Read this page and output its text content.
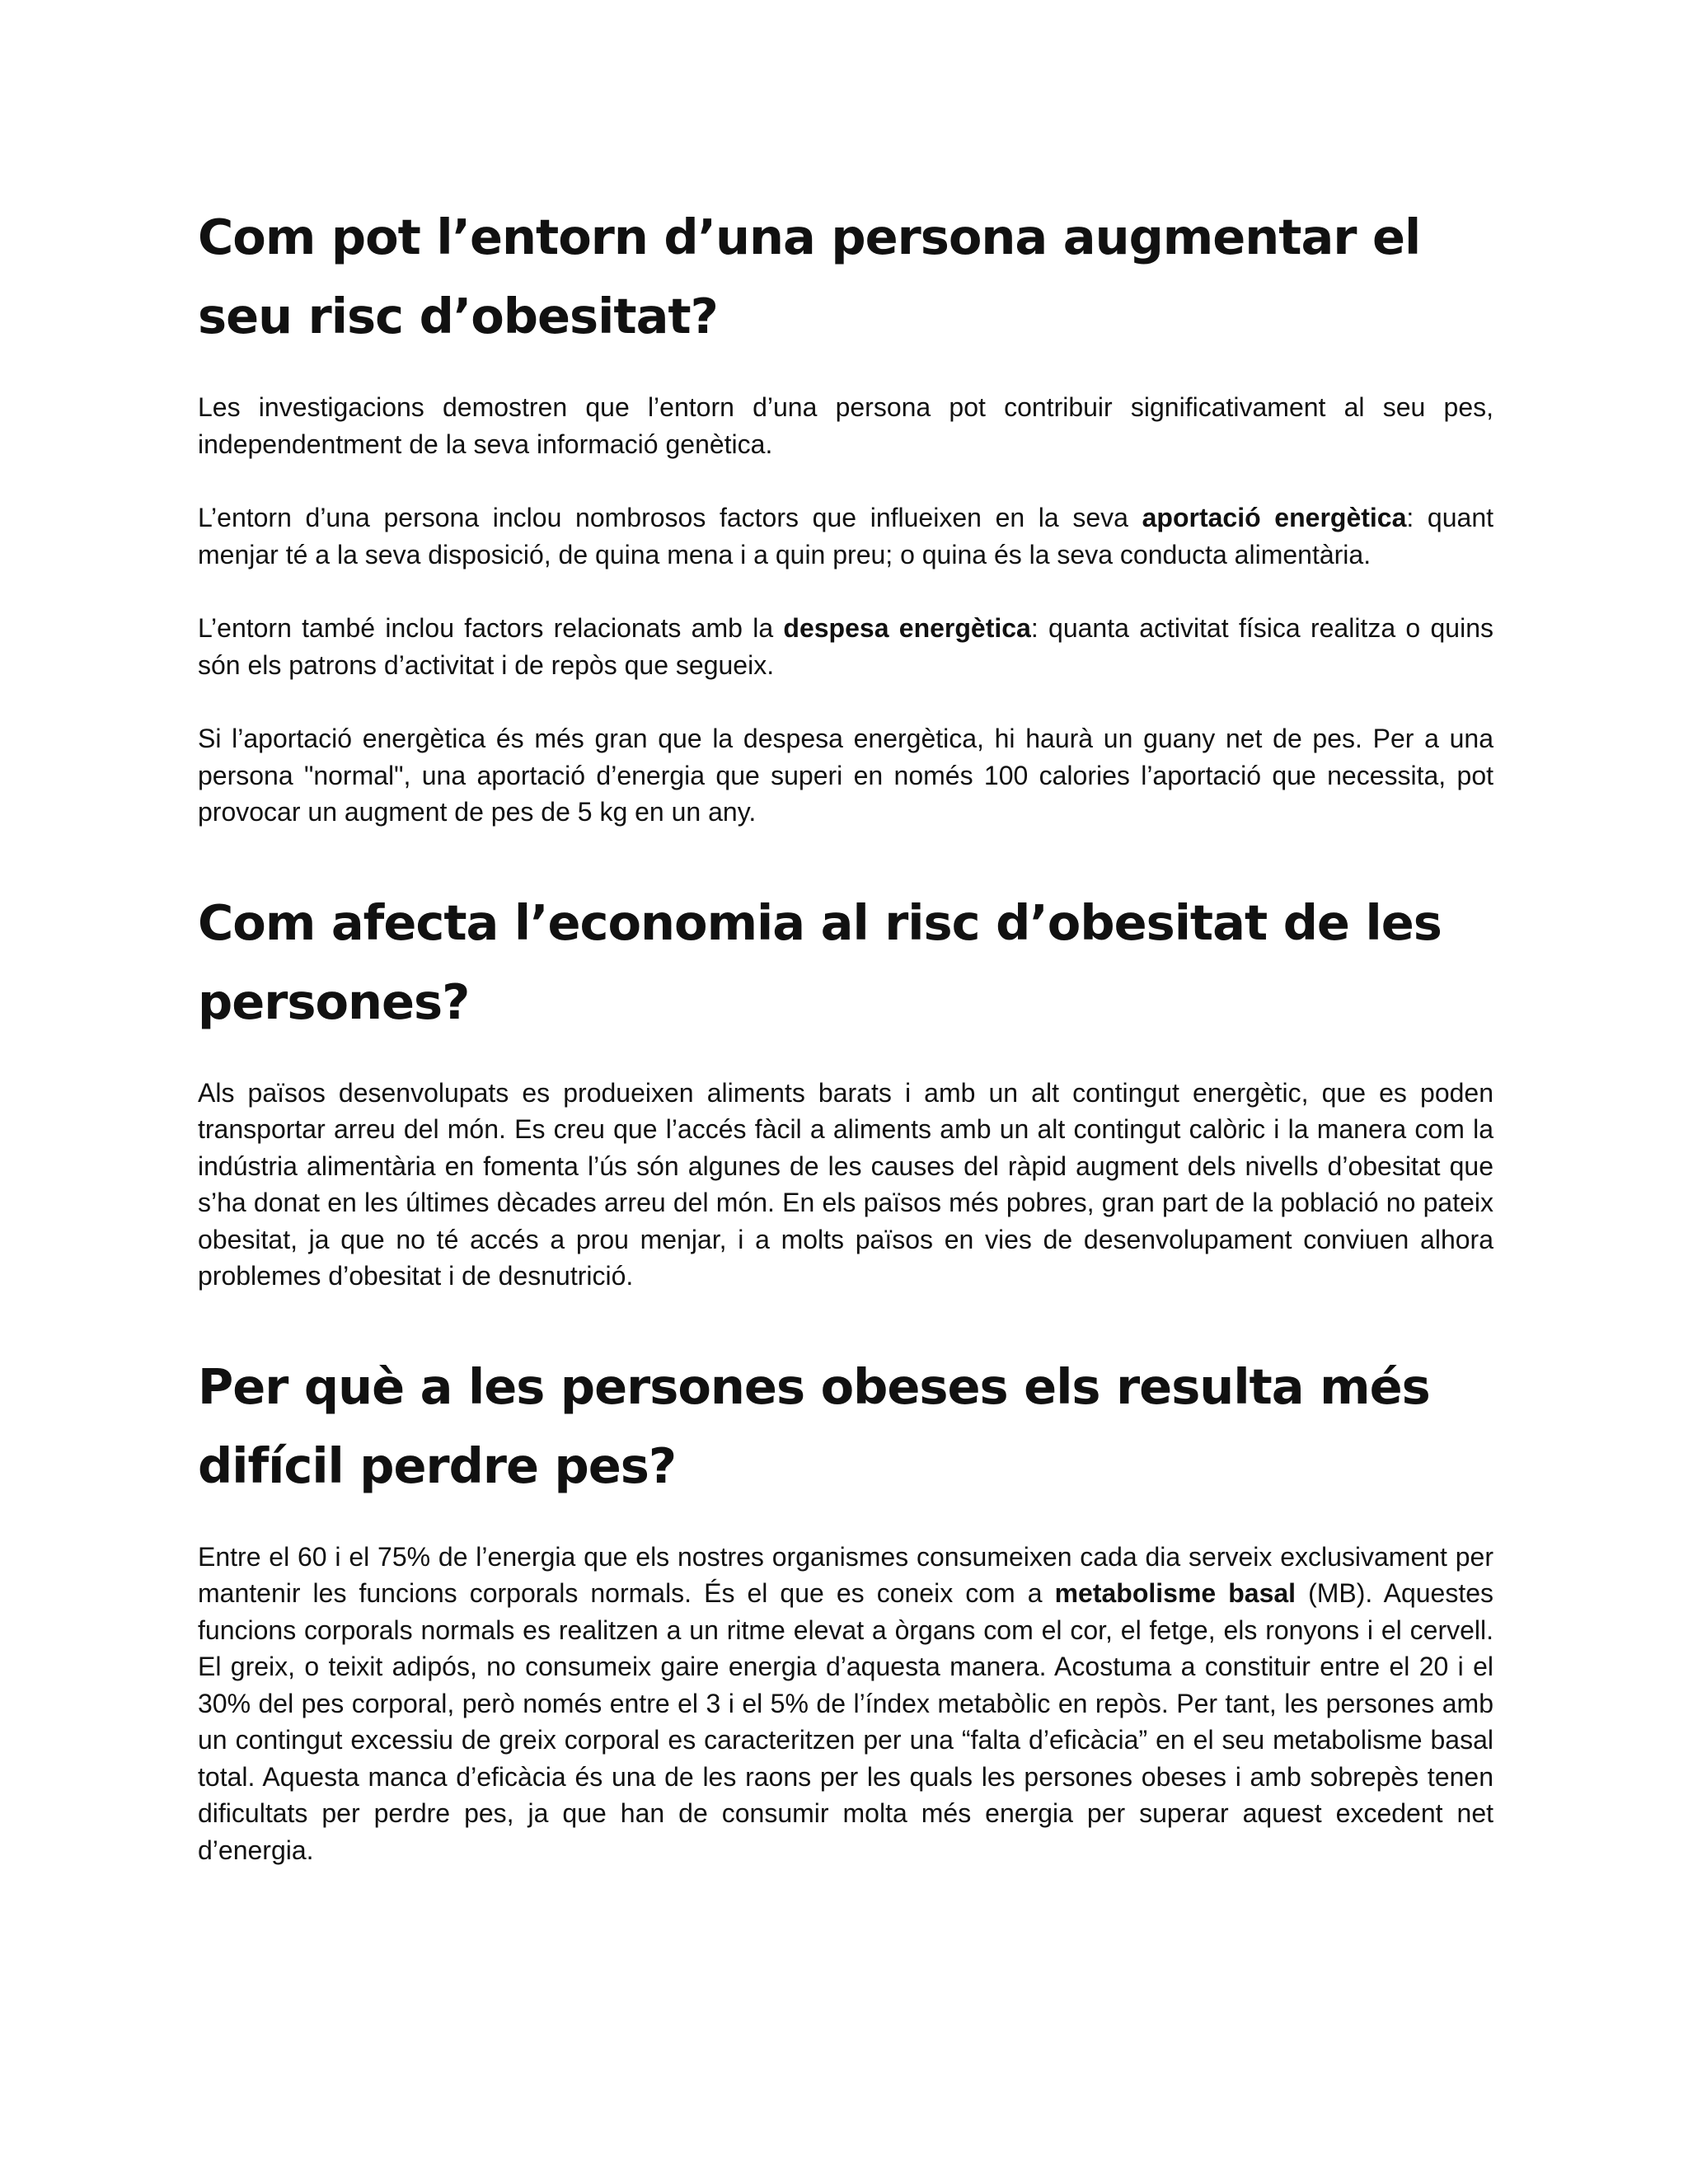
Com pot l’entorn d’una persona augmentar el seu risc d’obesitat?

Les investigacions demostren que l’entorn d’una persona pot contribuir significativament al seu pes, independentment de la seva informació genètica.

L’entorn d’una persona inclou nombrosos factors que influeixen en la seva aportació energètica: quant menjar té a la seva disposició, de quina mena i a quin preu; o quina és la seva conducta alimentària.

L’entorn també inclou factors relacionats amb la despesa energètica: quanta activitat física realitza o quins són els patrons d’activitat i de repòs que segueix.

Si l’aportació energètica és més gran que la despesa energètica, hi haurà un guany net de pes. Per a una persona "normal", una aportació d’energia que superi en només 100 calories l’aportació que necessita, pot provocar un augment de pes de 5 kg en un any.

Com afecta l’economia al risc d’obesitat de les persones?

Als països desenvolupats es produeixen aliments barats i amb un alt contingut energètic, que es poden transportar arreu del món. Es creu que l’accés fàcil a aliments amb un alt contingut calòric i la manera com la indústria alimentària en fomenta l’ús són algunes de les causes del ràpid augment dels nivells d’obesitat que s’ha donat en les últimes dècades arreu del món. En els països més pobres, gran part de la població no pateix obesitat, ja que no té accés a prou menjar, i a molts països en vies de desenvolupament conviuen alhora problemes d’obesitat i de desnutrició.

Per què a les persones obeses els resulta més difícil perdre pes?

Entre el 60 i el 75% de l’energia que els nostres organismes consumeixen cada dia serveix exclusivament per mantenir les funcions corporals normals. És el que es coneix com a metabolisme basal (MB). Aquestes funcions corporals normals es realitzen a un ritme elevat a òrgans com el cor, el fetge, els ronyons i el cervell. El greix, o teixit adipós, no consumeix gaire energia d’aquesta manera. Acostuma a constituir entre el 20 i el 30% del pes corporal, però només entre el 3 i el 5% de l’índex metabòlic en repòs. Per tant, les persones amb un contingut excessiu de greix corporal es caracteritzen per una “falta d’eficàcia” en el seu metabolisme basal total. Aquesta manca d’eficàcia és una de les raons per les quals les persones obeses i amb sobrepès tenen dificultats per perdre pes, ja que han de consumir molta més energia per superar aquest excedent net d’energia.
